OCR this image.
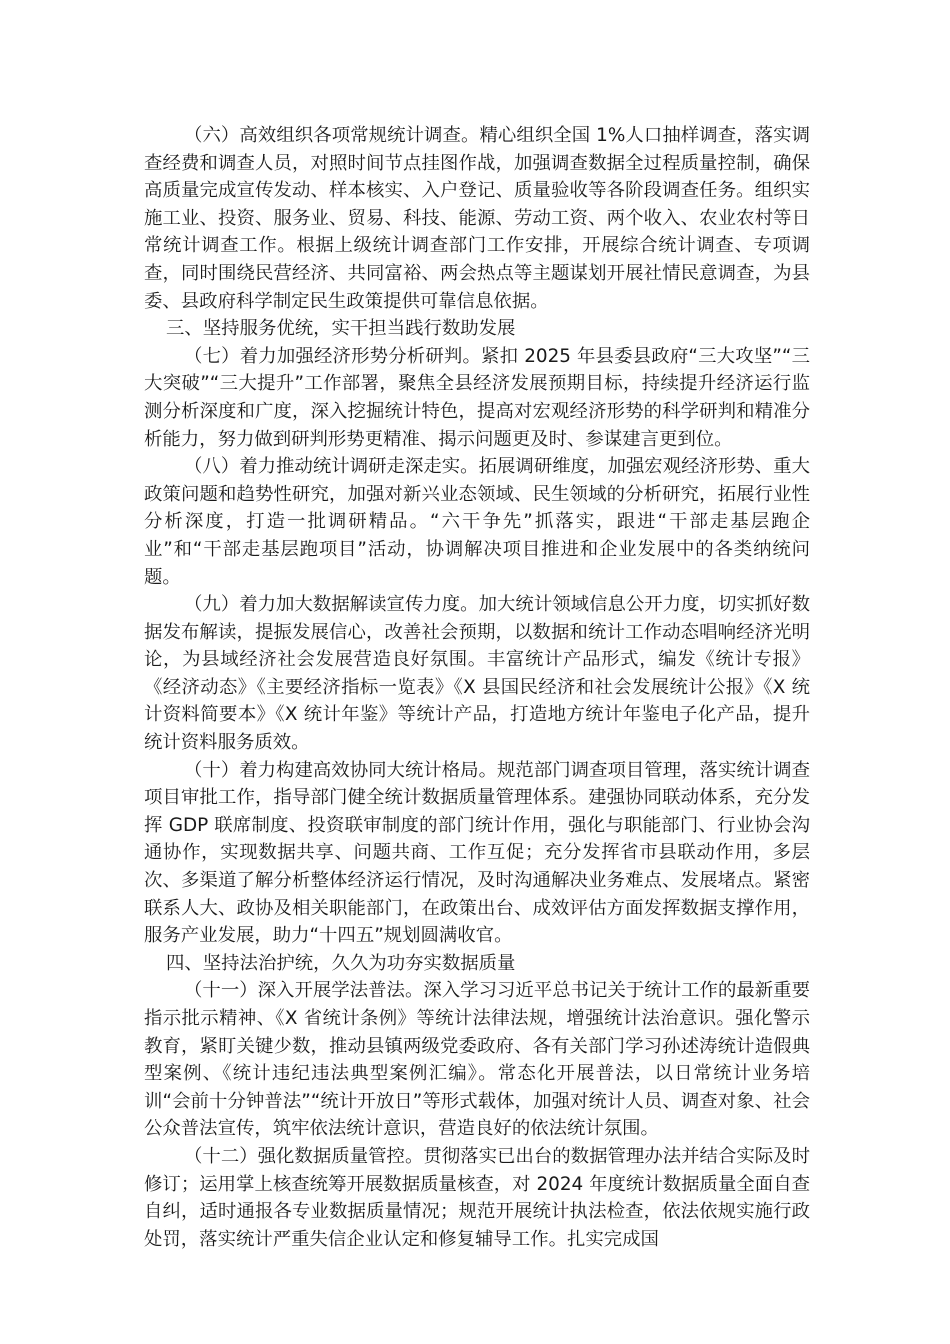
（六）高效组织各项常规统计调查。精心组织全国 1%人口抽样调查，落实调查经费和调查人员，对照时间节点挂图作战，加强调查数据全过程质量控制，确保高质量完成宣传发动、样本核实、入户登记、质量验收等各阶段调查任务。组织实施工业、投资、服务业、贸易、科技、能源、劳动工资、两个收入、农业农村等日常统计调查工作。根据上级统计调查部门工作安排，开展综合统计调查、专项调查，同时围绕民营经济、共同富裕、两会热点等主题谋划开展社情民意调查，为县委、县政府科学制定民生政策提供可靠信息依据。

三、坚持服务优统，实干担当践行数助发展

（七）着力加强经济形势分析研判。紧扣 2025 年县委县政府“三大攻坚”“三大突破”“三大提升”工作部署，聚焦全县经济发展预期目标，持续提升经济运行监测分析深度和广度，深入挖掘统计特色，提高对宏观经济形势的科学研判和精准分析能力，努力做到研判形势更精准、揭示问题更及时、参谋建言更到位。

（八）着力推动统计调研走深走实。拓展调研维度，加强宏观经济形势、重大政策问题和趋势性研究，加强对新兴业态领域、民生领域的分析研究，拓展行业性分析深度，打造一批调研精品。“六干争先”抓落实，跟进“干部走基层跑企业”和“干部走基层跑项目”活动，协调解决项目推进和企业发展中的各类纳统问题。

（九）着力加大数据解读宣传力度。加大统计领域信息公开力度，切实抓好数据发布解读，提振发展信心，改善社会预期，以数据和统计工作动态唱响经济光明论，为县域经济社会发展营造良好氛围。丰富统计产品形式，编发《统计专报》《经济动态》《主要经济指标一览表》《X 县国民经济和社会发展统计公报》《X 统计资料简要本》《X 统计年鉴》等统计产品，打造地方统计年鉴电子化产品，提升统计资料服务质效。

（十）着力构建高效协同大统计格局。规范部门调查项目管理，落实统计调查项目审批工作，指导部门健全统计数据质量管理体系。建强协同联动体系，充分发挥 GDP 联席制度、投资联审制度的部门统计作用，强化与职能部门、行业协会沟通协作，实现数据共享、问题共商、工作互促；充分发挥省市县联动作用，多层次、多渠道了解分析整体经济运行情况，及时沟通解决业务难点、发展堵点。紧密联系人大、政协及相关职能部门，在政策出台、成效评估方面发挥数据支撑作用，服务产业发展，助力“十四五”规划圆满收官。

四、坚持法治护统，久久为功夯实数据质量

（十一）深入开展学法普法。深入学习习近平总书记关于统计工作的最新重要指示批示精神、《X 省统计条例》等统计法律法规，增强统计法治意识。强化警示教育，紧盯关键少数，推动县镇两级党委政府、各有关部门学习孙述涛统计造假典型案例、《统计违纪违法典型案例汇编》。常态化开展普法，以日常统计业务培训“会前十分钟普法”“统计开放日”等形式载体，加强对统计人员、调查对象、社会公众普法宣传，筑牢依法统计意识，营造良好的依法统计氛围。

（十二）强化数据质量管控。贯彻落实已出台的数据管理办法并结合实际及时修订；运用掌上核查统筹开展数据质量核查，对 2024 年度统计数据质量全面自查自纠，适时通报各专业数据质量情况；规范开展统计执法检查，依法依规实施行政处罚，落实统计严重失信企业认定和修复辅导工作。扎实完成国
